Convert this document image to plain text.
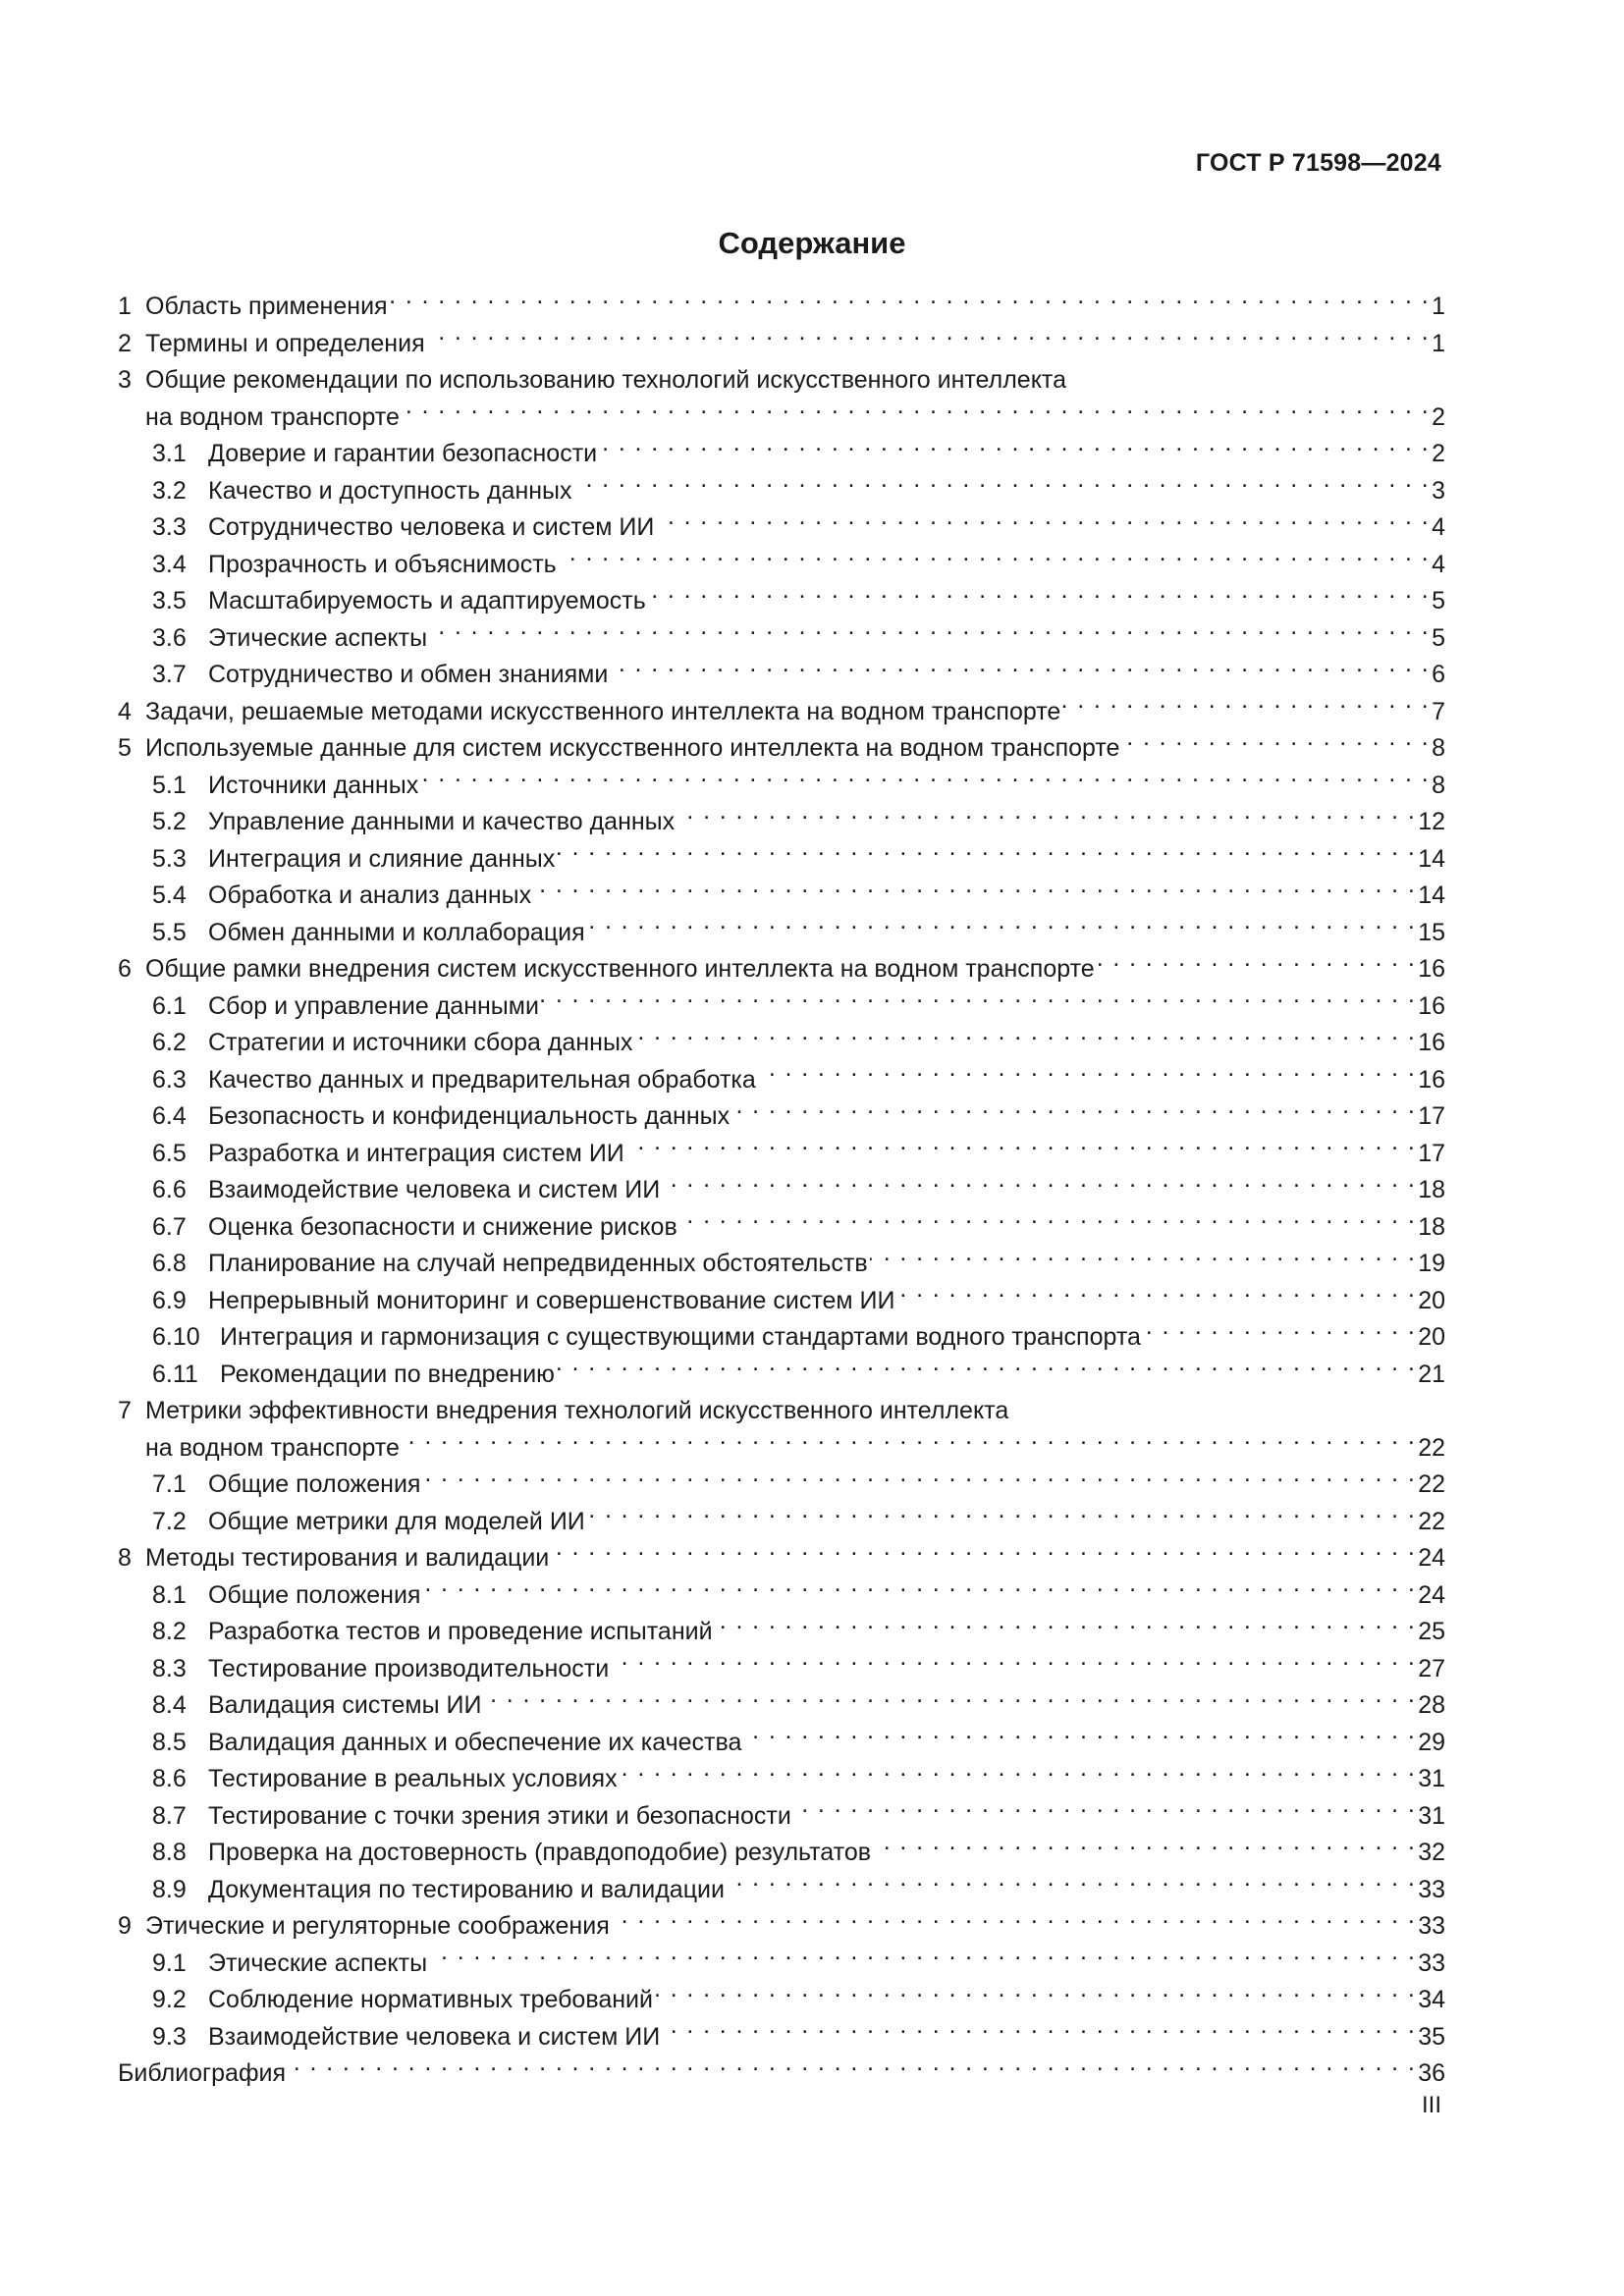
ГОСТ Р 71598—2024
Содержание
1 Область применения . . .	1
2 Термины и определения . . .	1
3 Общие рекомендации по использованию технологий искусственного интеллекта
на водном транспорте . . .	2
3.1 Доверие и гарантии безопасности . . .	2
3.2 Качество и доступность данных . . .	3
3.3 Сотрудничество человека и систем ИИ . . .	4
3.4 Прозрачность и объяснимость . . .	4
3.5 Масштабируемость и адаптируемость . . .	5
3.6 Этические аспекты . . .	5
3.7 Сотрудничество и обмен знаниями . . .	6
4 Задачи, решаемые методами искусственного интеллекта на водном транспорте . . .	7
5 Используемые данные для систем искусственного интеллекта на водном транспорте . . .	8
5.1 Источники данных . . .	8
5.2 Управление данными и качество данных . . .	12
5.3 Интеграция и слияние данных . . .	14
5.4 Обработка и анализ данных . . .	14
5.5 Обмен данными и коллаборация . . .	15
6 Общие рамки внедрения систем искусственного интеллекта на водном транспорте . . .	16
6.1 Сбор и управление данными . . .	16
6.2 Стратегии и источники сбора данных . . .	16
6.3 Качество данных и предварительная обработка . . .	16
6.4 Безопасность и конфиденциальность данных . . .	17
6.5 Разработка и интеграция систем ИИ . . .	17
6.6 Взаимодействие человека и систем ИИ . . .	18
6.7 Оценка безопасности и снижение рисков . . .	18
6.8 Планирование на случай непредвиденных обстоятельств . . .	19
6.9 Непрерывный мониторинг и совершенствование систем ИИ . . .	20
6.10 Интеграция и гармонизация с существующими стандартами водного транспорта . . .	20
6.11 Рекомендации по внедрению . . .	21
7 Метрики эффективности внедрения технологий искусственного интеллекта
на водном транспорте . . .	22
7.1 Общие положения . . .	22
7.2 Общие метрики для моделей ИИ . . .	22
8 Методы тестирования и валидации . . .	24
8.1 Общие положения . . .	24
8.2 Разработка тестов и проведение испытаний . . .	25
8.3 Тестирование производительности . . .	27
8.4 Валидация системы ИИ . . .	28
8.5 Валидация данных и обеспечение их качества . . .	29
8.6 Тестирование в реальных условиях . . .	31
8.7 Тестирование с точки зрения этики и безопасности . . .	31
8.8 Проверка на достоверность (правдоподобие) результатов . . .	32
8.9 Документация по тестированию и валидации . . .	33
9 Этические и регуляторные соображения . . .	33
9.1 Этические аспекты . . .	33
9.2 Соблюдение нормативных требований . . .	34
9.3 Взаимодействие человека и систем ИИ . . .	35
Библиография . . .	36
III
